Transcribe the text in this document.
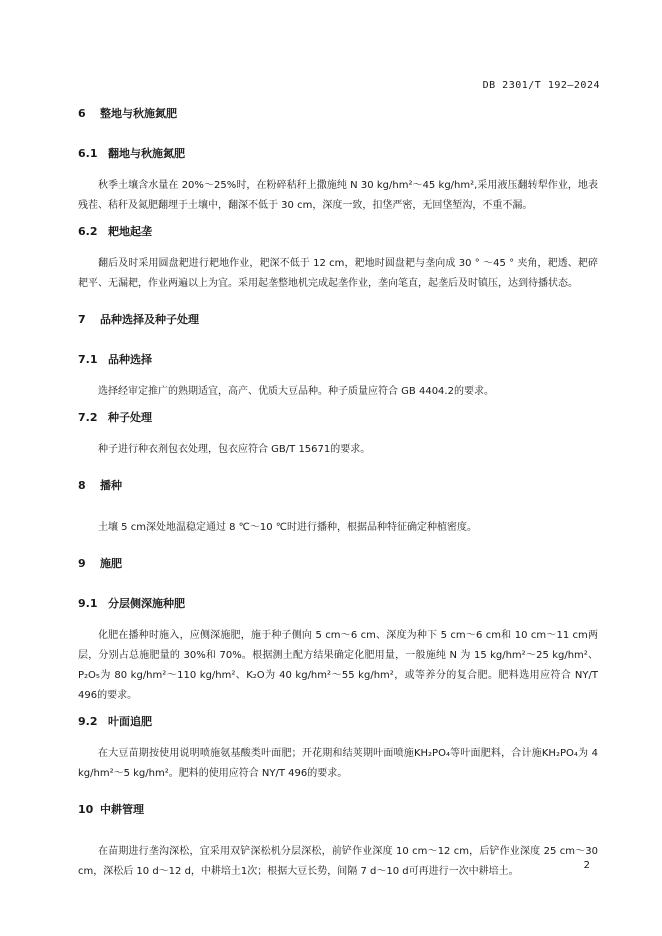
DB 2301/T 192—2024
6 整地与秋施氮肥
6.1 翻地与秋施氮肥

秋季土壤含水量在 20%～25%时，在粉碎秸秆上撒施纯 N 30 kg/hm²～45 kg/hm²,采用液压翻转犁作业，地表残茬、秸秆及氮肥翻埋于土壤中，翻深不低于 30 cm，深度一致，扣垡严密，无回垡堑沟，不重不漏。

6.2 耙地起垄

翻后及时采用圆盘耙进行耙地作业，耙深不低于 12 cm，耙地时圆盘耙与垄向成 30 ° ～45 ° 夹角，耙透、耙碎耙平、无漏耙，作业两遍以上为宜。采用起垄整地机完成起垄作业，垄向笔直，起垄后及时镇压，达到待播状态。

7 品种选择及种子处理
7.1 品种选择

选择经审定推广的熟期适宜，高产、优质大豆品种。种子质量应符合 GB 4404.2的要求。

7.2 种子处理

种子进行种衣剂包衣处理，包衣应符合 GB/T 15671的要求。

8 播种

土壤 5 cm深处地温稳定通过 8 ℃～10 ℃时进行播种，根据品种特征确定种植密度。

9 施肥
9.1 分层侧深施种肥

化肥在播种时施入，应侧深施肥，施于种子侧向 5 cm～6 cm、深度为种下 5 cm～6 cm和 10 cm～11 cm两层，分别占总施肥量的 30%和 70%。根据测土配方结果确定化肥用量，一般施纯 N 为 15 kg/hm²～25 kg/hm²、P₂O₅为 80 kg/hm²～110 kg/hm²、K₂O为 40 kg/hm²～55 kg/hm²，或等养分的复合肥。肥料选用应符合 NY/T 496的要求。

9.2 叶面追肥

在大豆苗期按使用说明喷施氨基酸类叶面肥；开花期和结荚期叶面喷施KH₂PO₄等叶面肥料，合计施KH₂PO₄为 4 kg/hm²～5 kg/hm²。肥料的使用应符合 NY/T 496的要求。

10 中耕管理

在苗期进行垄沟深松，宜采用双铲深松机分层深松，前铲作业深度 10 cm～12 cm，后铲作业深度 25 cm～30 cm，深松后 10 d～12 d，中耕培土1次；根据大豆长势，间隔 7 d～10 d可再进行一次中耕培土。

2
